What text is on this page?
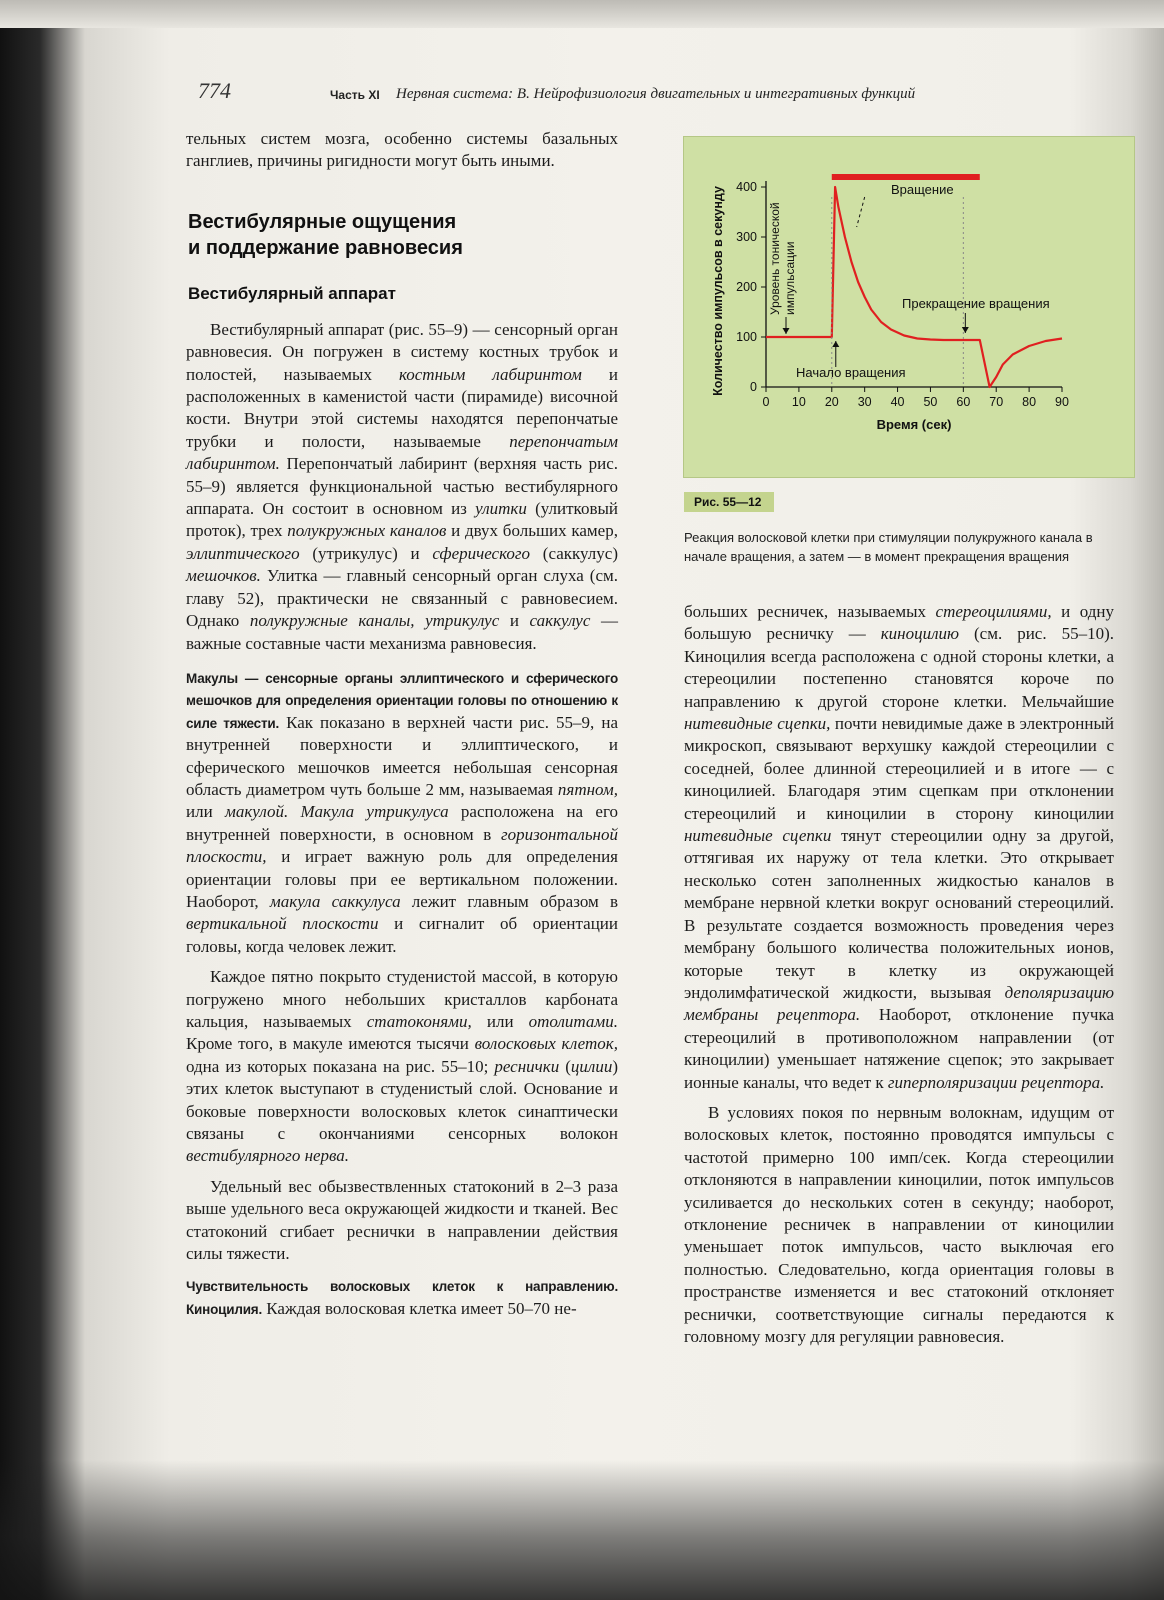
774	Часть XI Нервная система: В. Нейрофизиология двигательных и интегративных функций

тельных систем мозга, особенно системы базальных ганглиев, причины ригидности могут быть иными.

Вестибулярные ощущения
и поддержание равновесия
Вестибулярный аппарат

Вестибулярный аппарат (рис. 55–9) — сенсорный орган равновесия. Он погружен в систему костных трубок и полостей, называемых костным лабиринтом и расположенных в каменистой части (пирамиде) височной кости. Внутри этой системы находятся перепончатые трубки и полости, называемые перепончатым лабиринтом. Перепончатый лабиринт (верхняя часть рис. 55–9) является функциональной частью вестибулярного аппарата. Он состоит в основном из улитки (улитковый проток), трех полукружных каналов и двух больших камер, эллиптического (утрикулус) и сферического (саккулус) мешочков. Улитка — главный сенсорный орган слуха (см. главу 52), практически не связанный с равновесием. Однако полукружные каналы, утрикулус и саккулус — важные составные части механизма равновесия.

Макулы — сенсорные органы эллиптического и сферического мешочков для определения ориентации головы по отношению к силе тяжести. Как показано в верхней части рис. 55–9, на внутренней поверхности и эллиптического, и сферического мешочков имеется небольшая сенсорная область диаметром чуть больше 2 мм, называемая пятном, или макулой. Макула утрикулуса расположена на его внутренней поверхности, в основном в горизонтальной плоскости, и играет важную роль для определения ориентации головы при ее вертикальном положении. Наоборот, макула саккулуса лежит главным образом в вертикальной плоскости и сигналит об ориентации головы, когда человек лежит.

Каждое пятно покрыто студенистой массой, в которую погружено много небольших кристаллов карбоната кальция, называемых статоконями, или отолитами. Кроме того, в макуле имеются тысячи волосковых клеток, одна из которых показана на рис. 55–10; реснички (цилии) этих клеток выступают в студенистый слой. Основание и боковые поверхности волосковых клеток синаптически связаны с окончаниями сенсорных волокон вестибулярного нерва.

Удельный вес обызвествленных статоконий в 2–3 раза выше удельного веса окружающей жидкости и тканей. Вес статоконий сгибает реснички в направлении действия силы тяжести.

Чувствительность волосковых клеток к направлению. Киноцилия. Каждая волосковая клетка имеет 50–70 не-

0 10 20 30 40 50 60 70 80 90
0
100
200
300
400	Вращение
Уровень тонической импульсации
Начало вращения
Прекращение вращения
Время (сек)
Количество импульсов в секунду
Рис. 55—12
Реакция волосковой клетки при стимуляции полукружного канала в начале вращения, а затем — в момент прекращения вращения

больших ресничек, называемых стереоцилиями, и одну большую ресничку — киноцилию (см. рис. 55–10). Киноцилия всегда расположена с одной стороны клетки, а стереоцилии постепенно становятся короче по направлению к другой стороне клетки. Мельчайшие нитевидные сцепки, почти невидимые даже в электронный микроскоп, связывают верхушку каждой стереоцилии с соседней, более длинной стереоцилией и в итоге — с киноцилией. Благодаря этим сцепкам при отклонении стереоцилий и киноцилии в сторону киноцилии нитевидные сцепки тянут стереоцилии одну за другой, оттягивая их наружу от тела клетки. Это открывает несколько сотен заполненных жидкостью каналов в мембране нервной клетки вокруг оснований стереоцилий. В результате создается возможность проведения через мембрану большого количества положительных ионов, которые текут в клетку из окружающей эндолимфатической жидкости, вызывая деполяризацию мембраны рецептора. Наоборот, отклонение пучка стереоцилий в противоположном направлении (от киноцилии) уменьшает натяжение сцепок; это закрывает ионные каналы, что ведет к гиперполяризации рецептора.

В условиях покоя по нервным волокнам, идущим от волосковых клеток, постоянно проводятся импульсы с частотой примерно 100 имп/сек. Когда стереоцилии отклоняются в направлении киноцилии, поток импульсов усиливается до нескольких сотен в секунду; наоборот, отклонение ресничек в направлении от киноцилии уменьшает поток импульсов, часто выключая его полностью. Следовательно, когда ориентация головы в пространстве изменяется и вес статоконий отклоняет реснички, соответствующие сигналы передаются к головному мозгу для регуляции равновесия.
